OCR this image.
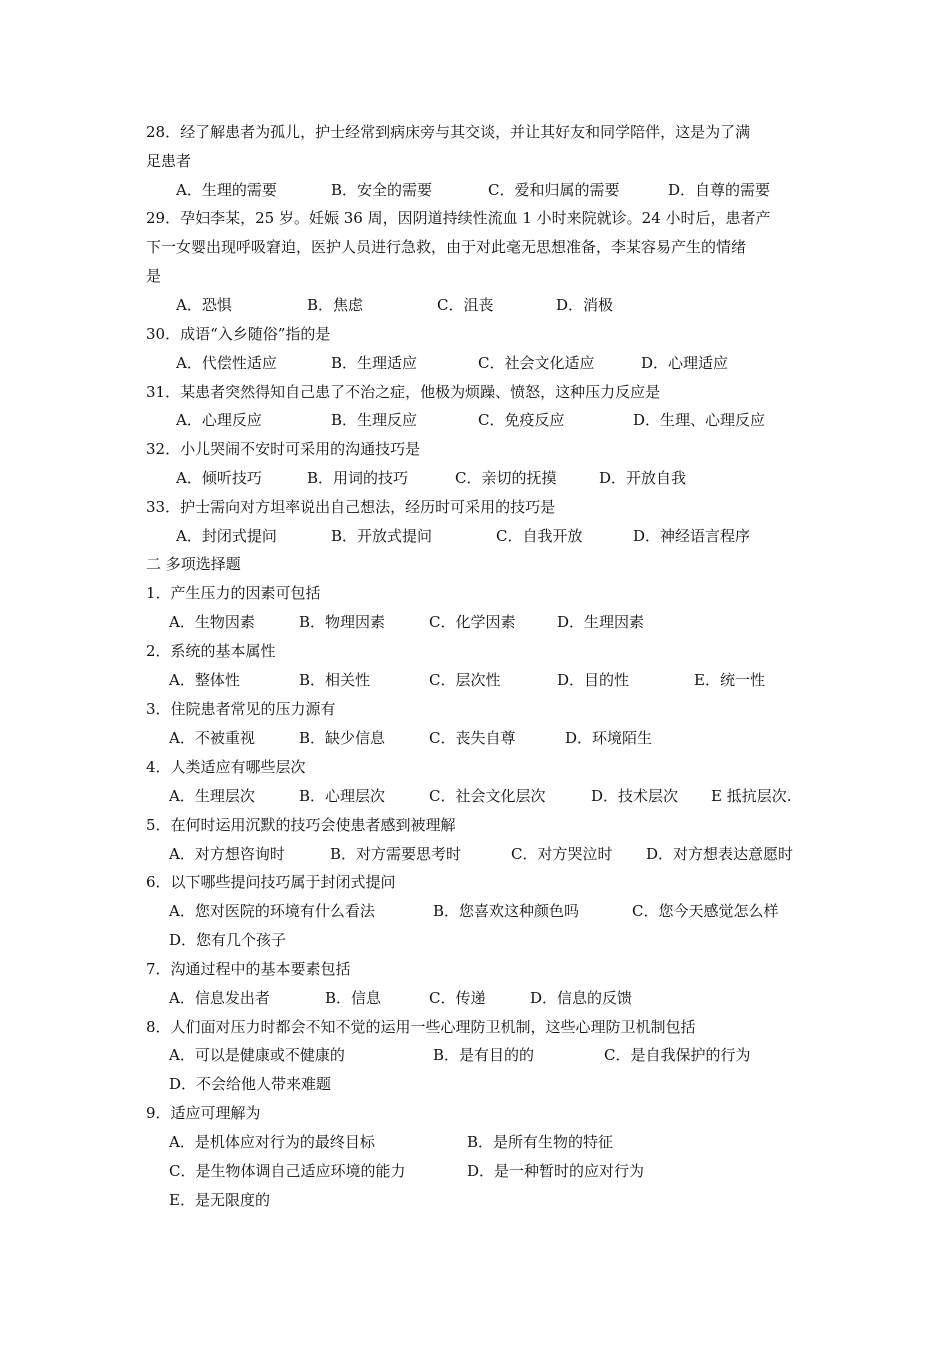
28．经了解患者为孤儿，护士经常到病床旁与其交谈，并让其好友和同学陪伴，这是为了满
足患者
A．生理的需要	B．安全的需要	C．爱和归属的需要	D．自尊的需要
29．孕妇李某，25 岁。妊娠 36 周，因阴道持续性流血 1 小时来院就诊。24 小时后，患者产
下一女婴出现呼吸窘迫，医护人员进行急救，由于对此毫无思想准备，李某容易产生的情绪
是
A．恐惧	B．焦虑	C．沮丧	D．消极
30．成语“入乡随俗”指的是
A．代偿性适应	B．生理适应	C．社会文化适应	D．心理适应
31．某患者突然得知自己患了不治之症，他极为烦躁、愤怒，这种压力反应是
A．心理反应	B．生理反应	C．免疫反应	D．生理、心理反应
32．小儿哭闹不安时可采用的沟通技巧是
A．倾听技巧	B．用词的技巧	C．亲切的抚摸	D．开放自我
33．护士需向对方坦率说出自己想法，经历时可采用的技巧是
A．封闭式提问	B．开放式提问	C．自我开放	D．神经语言程序
二 多项选择题
1．产生压力的因素可包括
A．生物因素	B．物理因素	C．化学因素	D．生理因素
2．系统的基本属性
A．整体性	B．相关性	C．层次性	D．目的性	E．统一性
3．住院患者常见的压力源有
A．不被重视	B．缺少信息	C．丧失自尊	D．环境陌生
4．人类适应有哪些层次
A．生理层次	B．心理层次	C．社会文化层次	D．技术层次 E 抵抗层次.
5．在何时运用沉默的技巧会使患者感到被理解
A．对方想咨询时	B．对方需要思考时	C．对方哭泣时 D．对方想表达意愿时
6．以下哪些提问技巧属于封闭式提问
A．您对医院的环境有什么看法	B．您喜欢这种颜色吗	C．您今天感觉怎么样
D．您有几个孩子
7．沟通过程中的基本要素包括
A．信息发出者	B．信息	C．传递	D．信息的反馈
8．人们面对压力时都会不知不觉的运用一些心理防卫机制，这些心理防卫机制包括
A．可以是健康或不健康的	B．是有目的的	C．是自我保护的行为
D．不会给他人带来难题
9．适应可理解为
A．是机体应对行为的最终目标	B．是所有生物的特征
C．是生物体调自己适应环境的能力	D．是一种暂时的应对行为
E．是无限度的
